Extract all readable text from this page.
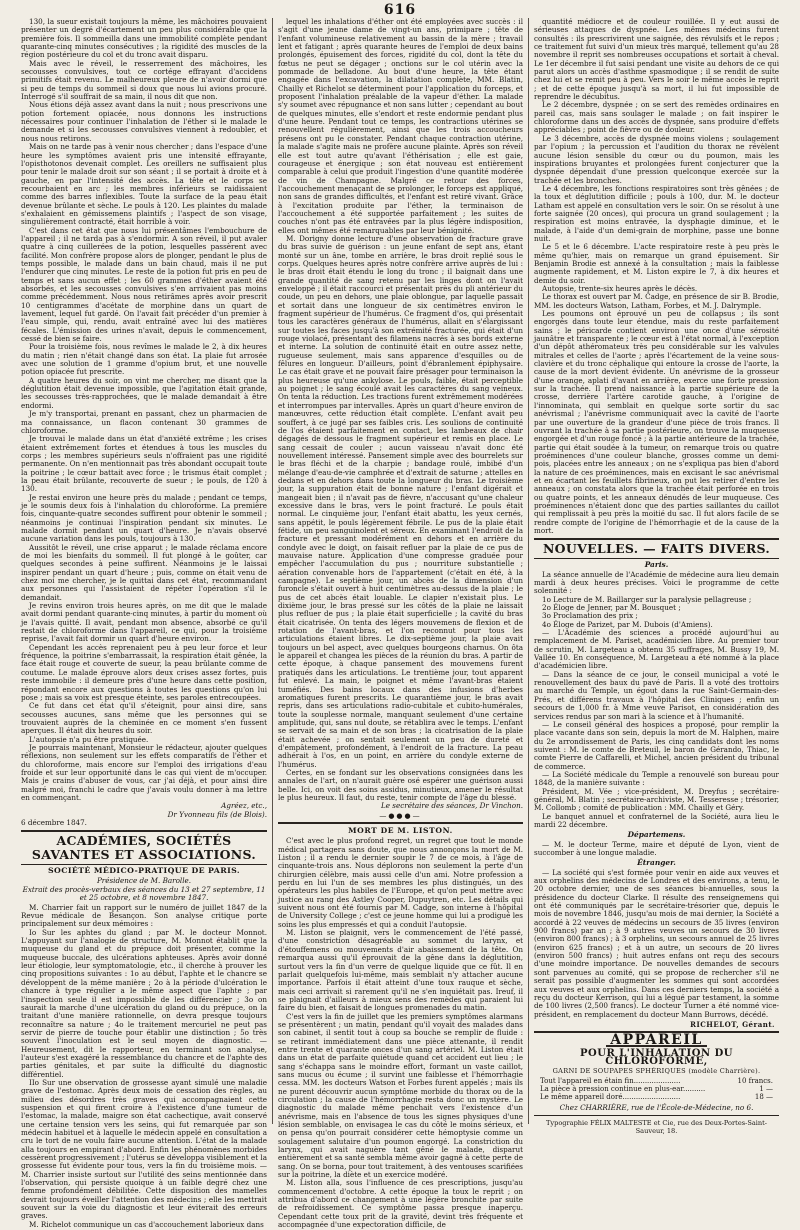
616

130, la sueur existait toujours la même, les mâchoires pouvaient présenter un degré d'écartement un peu plus considérable que la première fois. Il sommeilla dans une immobilité complète pendant quarante-cinq minutes consécutives ; la rigidité des muscles de la région postérieure du col et du tronc avait disparu.

Mais avec le réveil, le resserrement des mâchoires, les secousses convulsives, tout ce cortége effrayant d'accidens primitifs était revenu. Le malheureux pleure de n'avoir dormi que si peu de temps du sommeil si doux que nous lui avions procuré. Interrogé s'il souffrait de sa main, il nous dit que non.

Nous étions déjà assez avant dans la nuit ; nous prescrivons une potion fortement opiacée, nous donnons les instructions nécessaires pour continuer l'inhalation de l'éther si le malade le demande et si les secousses convulsives viennent à redoubler, et nous nous retirons.

Mais on ne tarde pas à venir nous chercher ; dans l'espace d'une heure les symptômes avaient pris une intensité effrayante, l'opisthotonos devenait complet. Les oreillers ne suffisaient plus pour tenir le malade droit sur son séant ; il se portait à droite et à gauche, en par l'intensité des accès. La tête et le corps se recourbaient en arc ; les membres inférieurs se raidissaient comme des barres inflexibles. Toute la surface de la peau était devenue brûlante et sèche. Le pouls à 120. Les plaintes du malade s'exhalaient en gémissemens plaintifs ; l'aspect de son visage, singulièrement contracté, était horrible à voir.

C'est dans cet état que nous lui présentâmes l'embouchure de l'appareil ; il ne tarda pas à s'endormir. A son réveil, il put avaler quatre à cinq cuillerées de la potion, lesquelles passèrent avec facilité. Mon confrère propose alors de plonger, pendant le plus de temps possible, le malade dans un bain chaud, mais il ne put l'endurer que cinq minutes. Le reste de la potion fut pris en peu de temps et sans aucun effet ; les 60 grammes d'éther avaient été absorbés, et les secousses convulsives s'en arrivaient pas moins comme précédemment. Nous nous retirâmes après avoir prescrit 10 centigrammes d'acétate de morphine dans un quart de lavement, lequel fut gardé. On l'avait fait précéder d'un premier à l'eau simple, qui, rendu, avait entraîné avec lui des matières fécales. L'émission des urines n'avait, depuis le commencement, cessé de bien se faire.

Pour la troisième fois, nous revîmes le malade le 2, à dix heures du matin ; rien n'était changé dans son état. La plaie fut arrosée avec une solution de 1 gramme d'opium brut, et une nouvelle potion opiacée fut prescrite.

A quatre heures du soir, on vint me chercher, me disant que la déglutition était devenue impossible, que l'agitation était grande, les secousses très-rapprochées, que le malade demandait à être endormi.

Je m'y transportai, prenant en passant, chez un pharmacien de ma connaissance, un flacon contenant 30 grammes de chloroforme.

Je trouvai le malade dans un état d'anxiété extrême ; les crises étaient extrêmement fortes et étendues à tous les muscles du corps ; les membres supérieurs seuls n'offraient pas une rigidité permanente. On n'en mentionnait pas très abondant occupait toute la poitrine ; le cœur battait avec force ; le trismus était complet ; la peau était brûlante, recouverte de sueur ; le pouls, de 120 à 130.

Je restai environ une heure près du malade ; pendant ce temps, je le soumis deux fois à l'inhalation du chloroforme. La première fois, cinquante-quatre secondes suffirent pour obtenir le sommeil ; néanmoins je continuai l'inspiration pendant six minutes. Le malade dormit pendant un quart d'heure. Je n'avais observé aucune variation dans les pouls, toujours à 130.

Aussitôt le réveil, une crise apparut ; le malade réclama encore de moi les bienfaits du sommeil. Il fut plongé à le goûter, car quelques secondes à peine suffirent. Néanmoins je le laissai inspirer pendant un quart d'heure ; puis, comme on était venu de chez moi me chercher, je le quittai dans cet état, recommandant aux personnes qui l'assistaient de répéter l'opération s'il le demandait.

Je revins environ trois heures après, on me dit que le malade avait dormi pendant quarante-cinq minutes, à partir du moment où je l'avais quitté. Il avait, pendant mon absence, absorbé ce qu'il restait de chloroforme dans l'appareil, ce qui, pour la troisième reprise, l'avait fait dormir un quart d'heure environ.

Cependant les accès reprenaient peu à peu leur force et leur fréquence, la poitrine s'embarrassait, la respiration était gênée, la face était rouge et couverte de sueur, la peau brûlante comme de coutume. Le malade éprouve alors deux crises assez fortes, puis reste immobile : il demeure près d'une heure dans cette position, répondant encore aux questions à toutes les questions qu'on lui pose ; mais sa voix est presque éteinte, ses paroles entrecoupées.

Ce fut dans cet état qu'il s'éteignit, pour ainsi dire, sans secousses aucunes, sans même que les personnes qui se trouvaient auprès de la cheminée en ce moment s'en fussent aperçues. Il était dix heures du soir.

L'autopsie n'a pu être pratiquée.

Je pourrais maintenant, Monsieur le rédacteur, ajouter quelques réflexions, non seulement sur les effets comparatifs de l'éther et du chloroforme, mais encore sur l'emploi des irrigations d'eau froide et sur leur opportunité dans le cas qui vient de m'occuper. Mais je crains d'abuser de vous, car j'ai déjà, et pour ainsi dire malgré moi, franchi le cadre que j'avais voulu donner à ma lettre en commençant.

Agréez, etc.,

Dr Yvonneau fils (de Blois).

6 décembre 1847.

ACADÉMIES, SOCIÉTÉS SAVANTES ET ASSOCIATIONS.
SOCIÉTÉ MÉDICO-PRATIQUE DE PARIS.
Présidence de M. Barolle.
Extrait des procès-verbaux des séances du 13 et 27 septembre, 11 et 25 octobre, et 8 novembre 1847.

M. Charrier fait un rapport sur le numéro de juillet 1847 de la Revue médicale de Besançon. Son analyse critique porte principalement sur deux mémoires :

Io Sur les aphtes du gland ; par M. le docteur Monnot. L'appuyant sur l'analogie de structure, M. Monnot établit que la muqueuse du gland et du prépuce doit présenter, comme la muqueuse buccale, des ulcérations aphteuses. Après avoir donné leur étiologie, leur symptomatologie, etc., il cherche à prouver les cinq propositions suivantes : 1o au début, l'aphte et le chancre se développent de la même manière ; 2o à la période d'ulcération le chancre à type régulier a le même aspect que l'aphte ; par l'inspection seule il est impossible de les différencier ; 3o on saurait la marche d'une ulcération du gland ou du prépuce, on la traitant d'une manière rationnelle, on devra presque toujours reconnaître sa nature ; 4o le traitement mercuriel ne peut pas servir de pierre de touche pour établir une distinction ; 5o très souvent l'inoculation est le seul moyen de diagnostic. — Heureusement, dit le rapporteur, en terminant son analyse, l'auteur s'est exagéré la ressemblance du chancre et de l'aphte des parties génitales, et par suite la difficulté du diagnostic différentiel.

IIo Sur une observation de grossesse ayant simulé une maladie grave de l'estomac. Après deux mois de cessation des règles, au milieu des désordres très graves qui accompagnaient cette suspension et qui firent croire à l'existence d'une tumeur de l'estomac, la malade, maigre son état cachectique, avait conservé une certaine tension vers les seins, qui fut remarquée par son médecin habituel et à laquelle le médecin appelé en consultation a cru le tort de ne voulu faire aucune attention. L'état de la malade alla toujours en empirant d'abord. Enfin les phénomènes morbides cessèrent progressivement ; l'utérus se développa visiblement et la grossesse fut évidente pour tous, vers la fin du troisième mois. — M. Charrier insiste surtout sur l'utilité des seins mentionnée dans l'observation, qui persiste quoique à un faible degré chez une femme profondément débilitée. Cette disposition des mamelles devrait toujours éveiller l'attention des médecins ; elle les mettrait souvent sur la voie du diagnostic et leur éviterait des erreurs graves.

M. Richelot communique un cas d'accouchement laborieux dans

lequel les inhalations d'éther ont été employées avec succès : il s'agit d'une jeune dame de vingt-un ans, primipare ; tête de l'enfant volumineuse relativement au bassin de la mère ; travail lent et fatigant ; après quarante heures de l'emploi de deux bains prolongés, épuisement des forces, rigidité du col, dont la tête du fœtus ne peut se dégager ; onctions sur le col utérin avec la pommade de belladone. Au bout d'une heure, la tête étant engagée dans l'excavation, la dilatation complète, MM. Blatin, Chailly et Richelot se déterminent pour l'application du forceps, et proposent l'inhalation préalable de la vapeur d'éther. La malade s'y soumet avec répugnance et non sans lutter ; cependant au bout de quelques minutes, elle s'endort et reste endormie pendant plus d'une heure. Pendant tout ce temps, les contractions utérines se renouvellent régulièrement, ainsi que les trois accoucheurs présens ont pu le constater. Pendant chaque contraction utérine, la malade s'agite mais ne profère aucune plainte. Après son réveil elle est tout autre qu'avant l'éthérisation ; elle est gaie, courageuse et énergique ; son état nouveau est entièrement comparable à celui que produit l'ingestion d'une quantité modérée de vin de Champagne. Malgré ce retour des forces, l'accouchement menaçant de se prolonger, le forceps est appliqué, non sans de grandes difficultés, et l'enfant est retiré vivant. Grâce à l'excitation produite par l'éther, la terminaison de l'accouchement a été supportée parfaitement ; les suites de couches n'ont pas été entravées par la plus légère indisposition, elles ont mêmes été remarquables par leur bénignité.

M. Dorigny donne lecture d'une observation de fracture grave du bras suivie de guérison : un jeune enfant de sept ans, étant monté sur un âne, tombe en arrière, le bras droit replié sous le corps. Quelques heures après notre confrère arrive auprès de lui : le bras droit était étendu le long du tronc ; il baignait dans une grande quantité de sang retenu par les linges dont on l'avait enveloppé ; il était raccourci et présentait près du pli antérieur du coude, un peu en dehors, une plaie oblongue, par laquelle passait et sortait dans une longueur de six centimètres environ le fragment supérieur de l'humérus. Ce fragment d'os, qui présentait tous les caractères généraux de l'humérus, allait en s'élargissant sur toutes les faces jusqu'à son extrémité fracturée, qui était d'un rouge violacé, présentant des filamens nacrés à ses bords externe et interne. La solution de continuité était en outre assez nette, rugueuse seulement, mais sans apparence d'esquilles ou de fêlures en longueur. D'ailleurs, point d'ébranlement épiphysaire. Le cas était grave et ne pouvait faire présager pour terminaison la plus heureuse qu'une ankylose. Le pouls, faible, était perceptible au poignet ; le sang écoulé avait les caractères du sang veineux. On tenta la réduction. Les tractions furent extrêmement modérées et interrompues par intervalles. Après un quart d'heure environ de manœuvres, cette réduction était complète. L'enfant avait peu souffert, à ce jugé par ses faibles cris. Les soulions de continuité de l'os étaient parfaitement en contact, les lambeaux de chair dégagés de dessous le fragment supérieur et remis en place. Le sang cessait de couler ; aucun vaisseau n'avait donc été nouvellement intéressé. Pansement simple avec des bourrelets sur le bras fléchi et de la charpie ; bandage roulé, imbibé d'un mélange d'eau-de-vie camphrée et d'extrait de saturne ; attelles en dedans et en dehors dans toute la longueur du bras. Le troisième jour, la suppuration était de bonne nature ; l'enfant digérait et mangeait bien ; il n'avait pas de fièvre, n'accusant qu'une chaleur excessive dans le bras, vers le point fracturé. Le pouls était normal. Le cinquième jour, l'enfant était abattu, les yeux cernés, sans appétit, le pouls légèrement fébrile. Le pus de la plaie était fétide, un peu sanguinolent et séreux. En examinant l'endroit de la fracture et pressant modérément en dehors et en arrière du condyle avec le doigt, on faisait refluer par la plaie de ce pus de mauvaise nature. Application d'une compresse graduée pour empêcher l'accumulation du pus ; nourriture substantielle ; aération convenable hors de l'appartement (c'était en été, à la campagne). Le septième jour, un abcès de la dimension d'un furoncle s'était ouvert à huit centimètres au-dessus de la plaie ; le pus de cet abcès était louable. Le clapier n'existait plus. Le dixième jour, le bras pressé sur les côtés de la plaie ne laissait plus refluer de pus ; la plaie était superficielle ; la cavité du bras était cicatrisée. On tenta des légers mouvemens de flexion et de rotation de l'avant-bras, et l'on reconnut pour tous les articulations étaient libres. Le dix-septième jour, la plaie avait toujours un bel aspect, avec quelques bourgeons charnus. On ôta le appareil et changea les pièces de la réunion du bras. A partir de cette époque, à chaque pansement des mouvemens furent pratiqués dans les articulations. Le trentième jour, tout apparent fut enlevé. La main, le poignet et même l'avant-bras étaient tuméfiés. Des bains locaux dans des infusions d'herbes aromatiques furent prescrits. Le quarantième jour, le bras avait repris, dans ses articulations radio-cubitale et cubito-humérales, toute la souplesse normale, manquant seulement d'une certaine amplitude, qui, sans nul doute, se rétablira avec le temps. L'enfant se servait de sa main et de son bras ; la cicatrisation de la plaie était achevée ; on sentait seulement un peu de dureté et d'empâtement, profondément, à l'endroit de la fracture. La peau adhérait à l'os, en un point, en arrière du condyle externe de l'humérus.

Certes, en se fondant sur les observations consignées dans les annales de l'art, on n'aurait guère osé espérer une guérison aussi belle. Ici, on voit des soins assidus, minutieux, amener le résultat le plus heureux. Il faut, du reste, tenir compte de l'âge du blessé.

Le secrétaire des séances, Dr Vinchon.

—●●●—
MORT DE M. LISTON.

C'est avec le plus profond regret, un regret que tout le monde médical partagera sans doute, que nous annonçons la mort de M. Liston ; il a rendu le dernier soupir le 7 de ce mois, à l'âge de cinquante-trois ans. Nous déplorons non seulement la perte d'un chirurgien célèbre, mais aussi celle d'un ami. Notre profession a perdu en lui l'un de ses membres les plus distingués, un des opérateurs les plus habiles de l'Europe, et qu'on peut mettre avec justice au rang des Astley Cooper, Dupuytren, etc. Les détails qui suivent nous ont été fournis par M. Cadge, son interne à l'hôpital de University College ; c'est ce jeune homme qui lui a prodigué les soins les plus empressés et qui a conduit l'autopsie.

M. Liston se plaignit, vers le commencement de l'été passé, d'une constriction désagréable au sommet du larynx, et d'étouffemens ou mouvements d'air abaissement de la tête. On remarqua aussi qu'il éprouvait de la gêne dans la déglutition, surtout vers la fin d'un verre de quelque liquide que ce fût. Il en parlait quelquefois lui-même, mais semblait n'y attacher aucune importance. Parfois il était atteint d'une toux rauque et sèche, mais ceci arrivait si rarement qu'il ne s'en inquiétait pas. Ireuf, il se plaignait d'ailleurs à mieux sens des remèdes qui paraient lui faire du bien, et faisait de longues promenades du matin.

C'est vers la fin de juillet que les premiers symptômes alarmans se présentèrent ; un matin, pendant qu'il voyait des malades dans son cabinet, il sentit tout à coup sa bouche se remplir de fluide : se retirant immédiatement dans une pièce attenante, il rendit entre trente et quarante onces d'un sang artériel. M. Liston était dans un état de parfaite quiétude quand cet accident eut lieu ; le sang s'échappa sans le moindre effort, formant un vaste caillot, sans mucus ou écume ; il survint une faiblesse et l'hémorrhagie cessa. MM. les docteurs Watson et Forbes furent appelés ; mais ils ne purent découvrir aucun symptôme morbide du thorax ou de la circulation ; la cause de l'hémorrhagie resta donc un mystère. Le diagnostic du malade même penchait vers l'existence d'un anévrisme, mais en l'absence de tous les signes physiques d'une lésion semblable, on envisagea le cas du côté le moins sérieux, et on pensa qu'on pourrait considérer cette hémoptysie comme un soulagement salutaire d'un poumon engorgé. La constriction du larynx, qui avait naguère tant gêné le malade, disparut entièrement et sa santé sembla même avoir gagné à cette perte de sang. On se borna, pour tout traitement, à des ventouses scarifiées sur la poitrine, la diète et un exercice modéré.

M. Liston alla, sous l'influence de ces prescriptions, jusqu'au commencement d'octobre. A cette époque la toux le reprit ; on attribua d'abord ce changement à une légère bronchite par suite de refroidissement. Ce symptôme passa presque inaperçu. Cependant cette toux prit de la gravité, devint très fréquente et accompagnée d'une expectoration difficile, de

quantité médiocre et de couleur rouillée. Il y eut aussi de sérieuses attaques de dyspnée. Les mêmes médecins furent consultés : ils prescrivirent une saignée, des révulsifs et le repos ; ce traitement fut suivi d'un mieux très marqué, tellement qu'au 28 novembre il reprit ses nombreuses occupations et sortait à cheval. Le 1er décembre il fut saisi pendant une visite au dehors de ce qui parut alors un accès d'asthme spasmodique ; il se rendit de suite chez lui et se remit peu à peu. Vers le soir le même accès le reprit ; et de cette époque jusqu'à sa mort, il lui fut impossible de reprendre le décubitus.

Le 2 décembre, dyspnée ; on se sert des remèdes ordinaires en pareil cas, mais sans soulager le malade ; on fait inspirer le chloroforme dans un des accès de dyspnée, sans produire d'effets appréciables ; point de fièvre ou de douleur.

Le 3 décembre, accès de dyspnée moins violens ; soulagement par l'opium ; la percussion et l'audition du thorax ne révèlent aucune lésion sensible du cœur ou du poumon, mais les inspirations bruyantes et prolongées furent conjecturer que la dyspnée dépendait d'une pression quelconque exercée sur la trachée et les bronches.

Le 4 décembre, les fonctions respiratoires sont très gênées ; de la toux et déglutition difficile ; pouls à 100, dur. M. le docteur Latham est appelé en consultation vers le soir. On se résolut à une forte saignée (20 onces), qui procura un grand soulagement ; la respiration est moins entravée, la dysphagie diminue, et le malade, à l'aide d'un demi-grain de morphine, passe une bonne nuit.

Le 5 et le 6 décembre. L'acte respiratoire reste à peu près le même qu'hier, mais on remarque un grand épuisement. Sir Benjamin Brodie est annexé à la consultation ; mais la faiblesse augmente rapidement, et M. Liston expire le 7, à dix heures et demie du soir.

Autopsie, trente-six heures après le décès.

Le thorax est ouvert par M. Cadge, en présence de sir B. Brodie, MM. les docteurs Watson, Latham, Forbes, et M. J. Dalrymple.

Les poumons ont éprouvé un peu de collapsus ; ils sont engorgés dans toute leur étendue, mais du reste parfaitement sains ; le péricarde contient environ une once d'une sérosité jaunâtre et transparente ; le cœur est à l'état normal, à l'exception d'un dépôt athéromateux très peu considérable sur les valvules mitrales et celles de l'aorte ; après l'écartement de la veine sous-clavière et du tronc céphalique qui entoure la crosse de l'aorte, la cause de la mort devient évidente. Un anévrisme de la grosseur d'une orange, aplati d'avant en arrière, exerce une forte pression sur la trachée. Il prend naissance à la partie supérieure de la crosse, derrière l'artère carotide gauche, à l'origine de l'innominata, qui semblait en quelque sorte sortir du sac anévrismal ; l'anévrisme communiquait avec la cavité de l'aorte par une ouverture de la grandeur d'une pièce de trois francs. Il ouvrant la trachée à sa partie postérieure, on trouve la muqueuse engorgée et d'un rouge foncé ; à la partie antérieure de la trachée, partie qui était soudée à la tumeur, on remarque trois ou quatre proéminences d'une couleur blanche, grosses comme un demi-pois, placées entre les anneaux ; on ne s'expliqua pas bien d'abord la nature de ces proéminences, mais en excisant le sac anévrismal et en écartant les feuillets fibrineux, on put les retirer d'entre les anneaux ; on constata alors que la trachée était perforée en trois ou quatre points, et les anneaux dénudés de leur muqueuse. Ces proéminences n'étaient donc que des parties saillantes du caillot qui remplissait à peu près la moitié du sac. Il fut alors facile de se rendre compte de l'origine de l'hémorrhagie et de la cause de la mort.

NOUVELLES. — FAITS DIVERS.
Paris.

La séance annuelle de l'Académie de médecine aura lieu demain mardi à deux heures précises. Voici le programme de cette solennité :

1o Lecture de M. Baillarger sur la paralysie pellagreuse ;

2o Éloge de Jenner, par M. Bousquet ;

3o Proclamation des prix ;

4o Éloge de Parizet, par M. Dubois (d'Amiens).

— L'Académie des sciences a procédé aujourd'hui au remplacement de M. Pariset, académicien libre. Au premier tour de scrutin, M. Largeteau a obtenu 35 suffrages, M. Bussy 19, M. Vallée 10. En conséquence, M. Largeteau a été nommé à la place d'académicien libre.

— Dans la séance de ce jour, le conseil municipal a voté le renouvellement des baux du pavé de Paris. Il a voté des trottoirs au marché du Temple, un égout dans la rue Saint-Germain-des-Prés, et différens travaux à l'hôpital des Cliniques ; enfin un secours de 1,000 fr. à Mme veuve Parisot, en considération des services rendus par son mari à la science et à l'humanité.

— Le conseil général des hospices a proposé, pour remplir la place vacante dans son sein, depuis la mort de M. Halphen, maire du 2e arrondissement de Paris, les cinq candidats dont les noms suivent : M. le comte de Breteuil, le baron de Gérando, Thiac, le comte Pierre de Caffarelli, et Michel, ancien président du tribunal de commerce.

— La Société médicale du Temple a renouvelé son bureau pour 1848, de la manière suivante :

Président, M. Vée ; vice-président, M. Dreyfus ; secrétaire-général, M. Blatin ; secrétaire-archiviste, M. Tesseresse ; trésorier, M. Collomb ; comité de publication : MM. Chailly et Géry.

Le banquet annuel et confraternel de la Société, aura lieu le mardi 22 décembre.

Départemens.

— M. le docteur Terme, maire et député de Lyon, vient de succomber à une longue maladie.

Étranger.

— La société qui s'est formée pour venir en aide aux veuves et aux orphelins des médecins de Londres et des environs, a tenu, le 20 octobre dernier, une de ses séances bi-annuelles, sous la présidence du docteur Clarke. Il résulte des renseignemens qui ont été communiqués par le secrétaire-trésorier que, depuis le mois de novembre 1846, jusqu'au mois de mai dernier, la Société a accordé à 22 veuves de médecins un secours de 35 livres (environ 900 francs) par an ; à 9 autres veuves un secours de 30 livres (environ 800 francs) ; à 3 orphelins, un secours annuel de 25 livres (environ 625 francs) ; et à un autre, un secours de 20 livres (environ 500 francs) ; huit autres enfans ont reçu des secours d'une moindre importance. De nouvelles demandes de secours sont parvenues au comité, qui se propose de rechercher s'il ne serait pas possible d'augmenter les sommes qui sont accordées aux veuves et aux orphelins. Dans ces derniers temps, la société a reçu du docteur Kerrison, qui lui a légué par testament, la somme de 100 livres (2,500 francs). Le docteur Turner a été nommé vice-président, en remplacement du docteur Mann Burrows, décédé.

RICHELOT, Gérant.
APPAREIL
POUR L'INHALATION DU CHLOROFORME,
GARNI DE SOUPAPES SPHÉRIQUES (modèle Charrière).
Tout l'appareil en étain fin.....................	10 francs.
La pièce à pression continue en plus-ear..........	1 —
Le même appareil doré..........................	18 —
Chez CHARRIÈRE, rue de l'École-de-Médecine, no 6.
Typographie FÉLIX MALTESTE et Cie, rue des Deux-Portes-Saint-Sauveur, 18.
